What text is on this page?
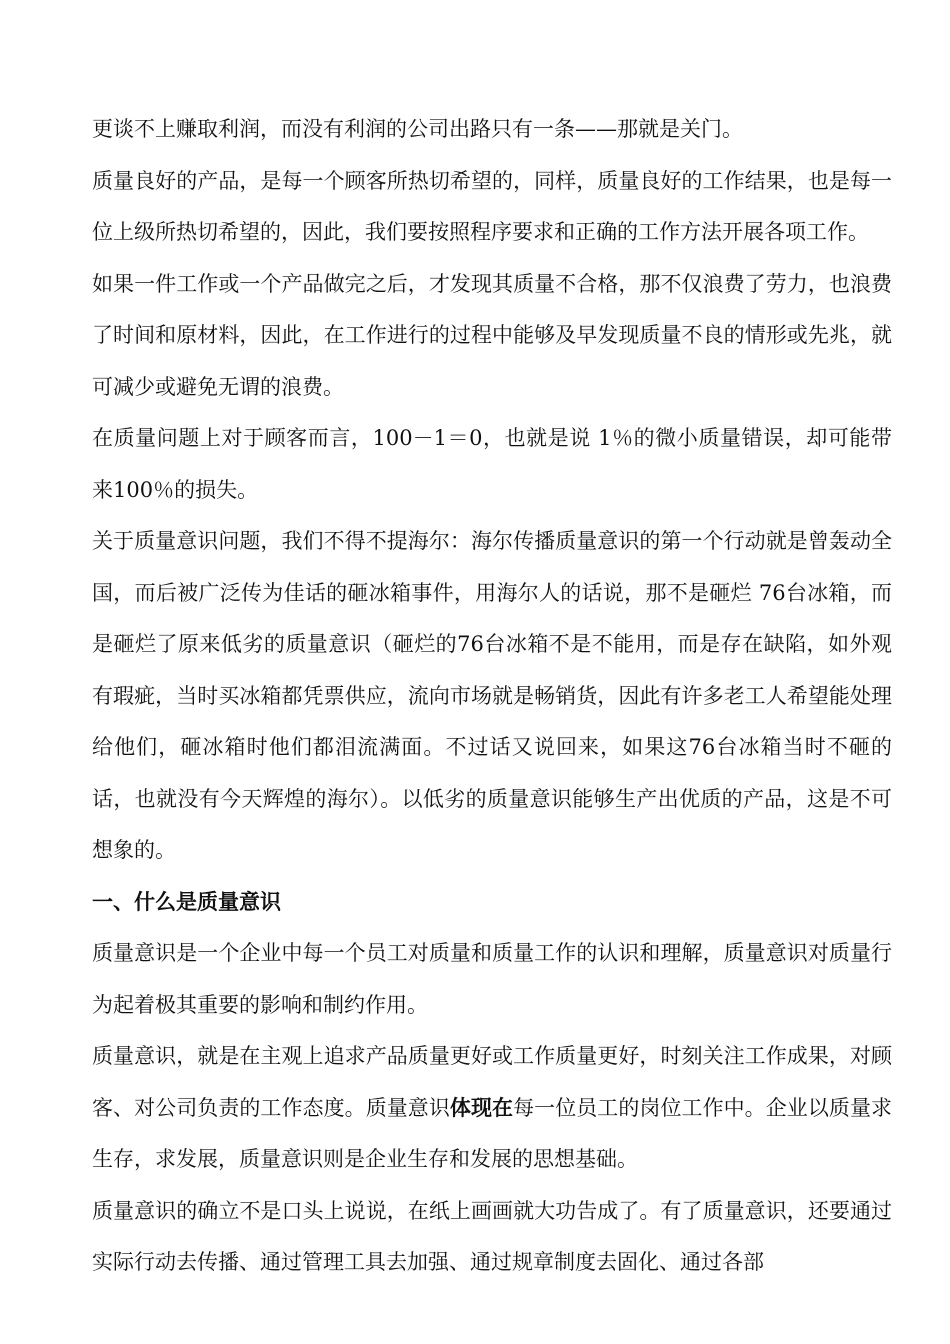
更谈不上赚取利润，而没有利润的公司出路只有一条——那就是关门。

质量良好的产品，是每一个顾客所热切希望的，同样，质量良好的工作结果，也是每一位上级所热切希望的，因此，我们要按照程序要求和正确的工作方法开展各项工作。

如果一件工作或一个产品做完之后，才发现其质量不合格，那不仅浪费了劳力，也浪费了时间和原材料，因此，在工作进行的过程中能够及早发现质量不良的情形或先兆，就可减少或避免无谓的浪费。

在质量问题上对于顾客而言，100－1＝0，也就是说 1％的微小质量错误，却可能带来100％的损失。

关于质量意识问题，我们不得不提海尔：海尔传播质量意识的第一个行动就是曾轰动全国，而后被广泛传为佳话的砸冰箱事件，用海尔人的话说，那不是砸烂 76台冰箱，而是砸烂了原来低劣的质量意识（砸烂的76台冰箱不是不能用，而是存在缺陷，如外观有瑕疵，当时买冰箱都凭票供应，流向市场就是畅销货，因此有许多老工人希望能处理给他们，砸冰箱时他们都泪流满面。不过话又说回来，如果这76台冰箱当时不砸的话，也就没有今天辉煌的海尔）。以低劣的质量意识能够生产出优质的产品，这是不可想象的。

一、什么是质量意识

质量意识是一个企业中每一个员工对质量和质量工作的认识和理解，质量意识对质量行为起着极其重要的影响和制约作用。

质量意识，就是在主观上追求产品质量更好或工作质量更好，时刻关注工作成果，对顾客、对公司负责的工作态度。质量意识体现在每一位员工的岗位工作中。企业以质量求生存，求发展，质量意识则是企业生存和发展的思想基础。

质量意识的确立不是口头上说说，在纸上画画就大功告成了。有了质量意识，还要通过实际行动去传播、通过管理工具去加强、通过规章制度去固化、通过各部
